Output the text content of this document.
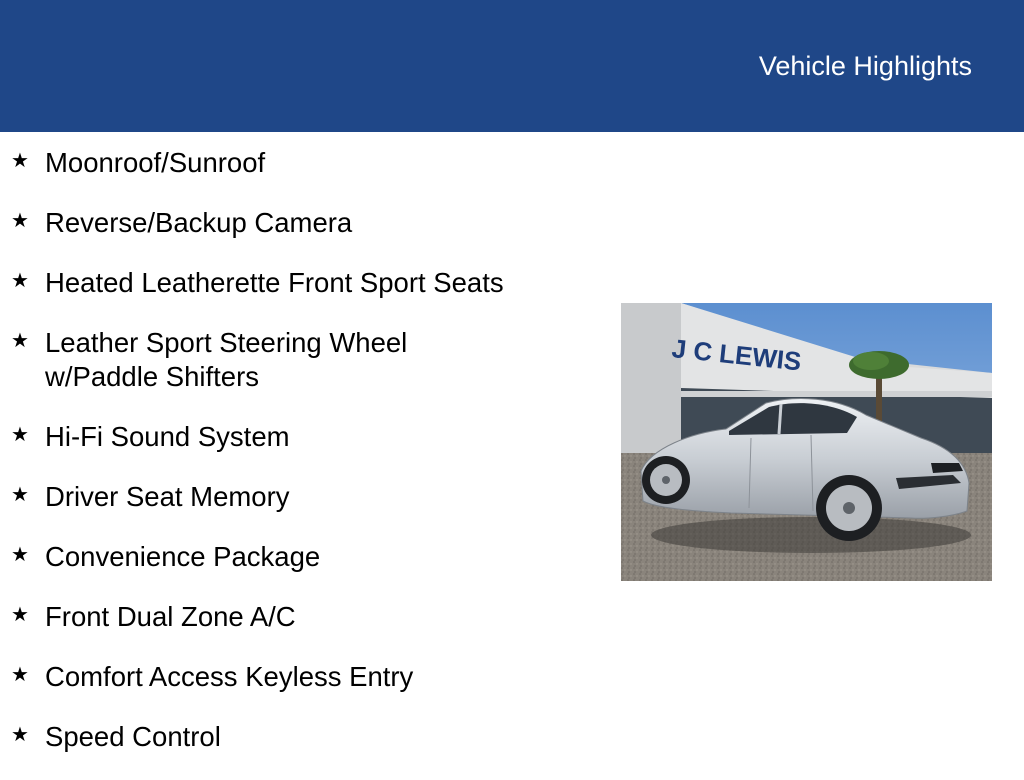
Vehicle Highlights
★ Moonroof/Sunroof
★ Reverse/Backup Camera
★ Heated Leatherette Front Sport Seats
★ Leather Sport Steering Wheel w/Paddle Shifters
★ Hi-Fi Sound System
★ Driver Seat Memory
★ Convenience Package
★ Front Dual Zone A/C
★ Comfort Access Keyless Entry
★ Speed Control
J C LEWIS
